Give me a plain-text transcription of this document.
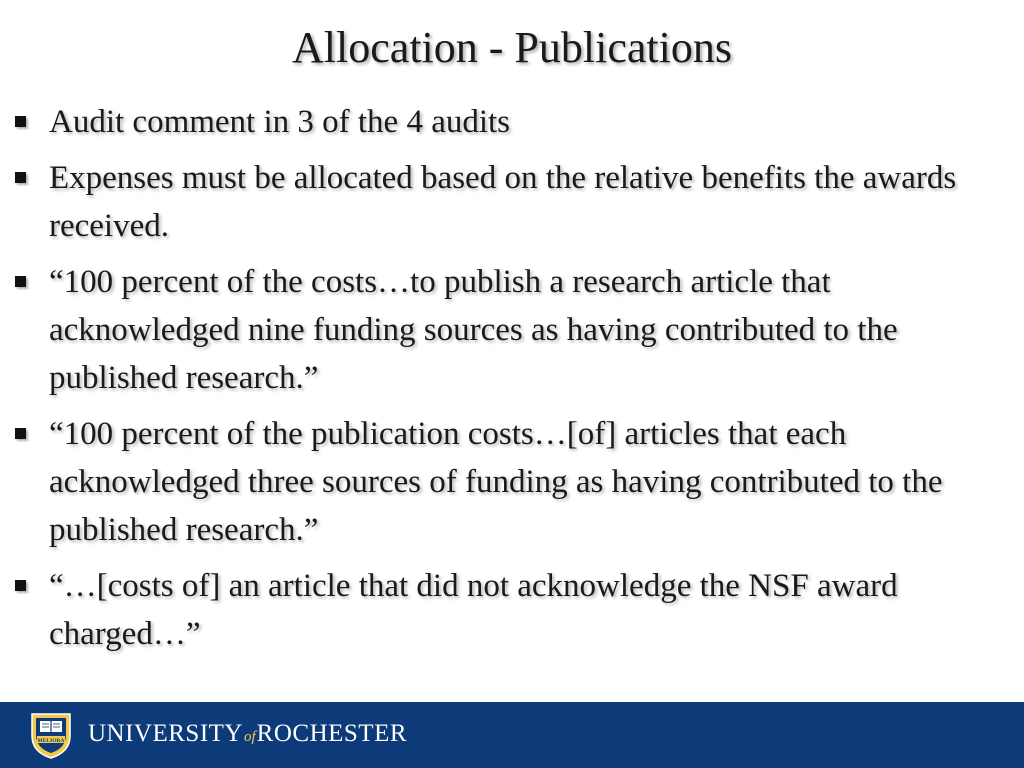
Allocation - Publications
Audit comment in 3 of the 4 audits
Expenses must be allocated based on the relative benefits the awards received.
“100 percent of the costs…to publish a research article that acknowledged nine funding sources as having contributed to the published research.”
“100 percent of the publication costs…[of] articles that each acknowledged three sources of funding as having contributed to the published research.”
“…[costs of] an article that did not acknowledge the NSF award charged…”
MELIORA UNIVERSITYofROCHESTER
